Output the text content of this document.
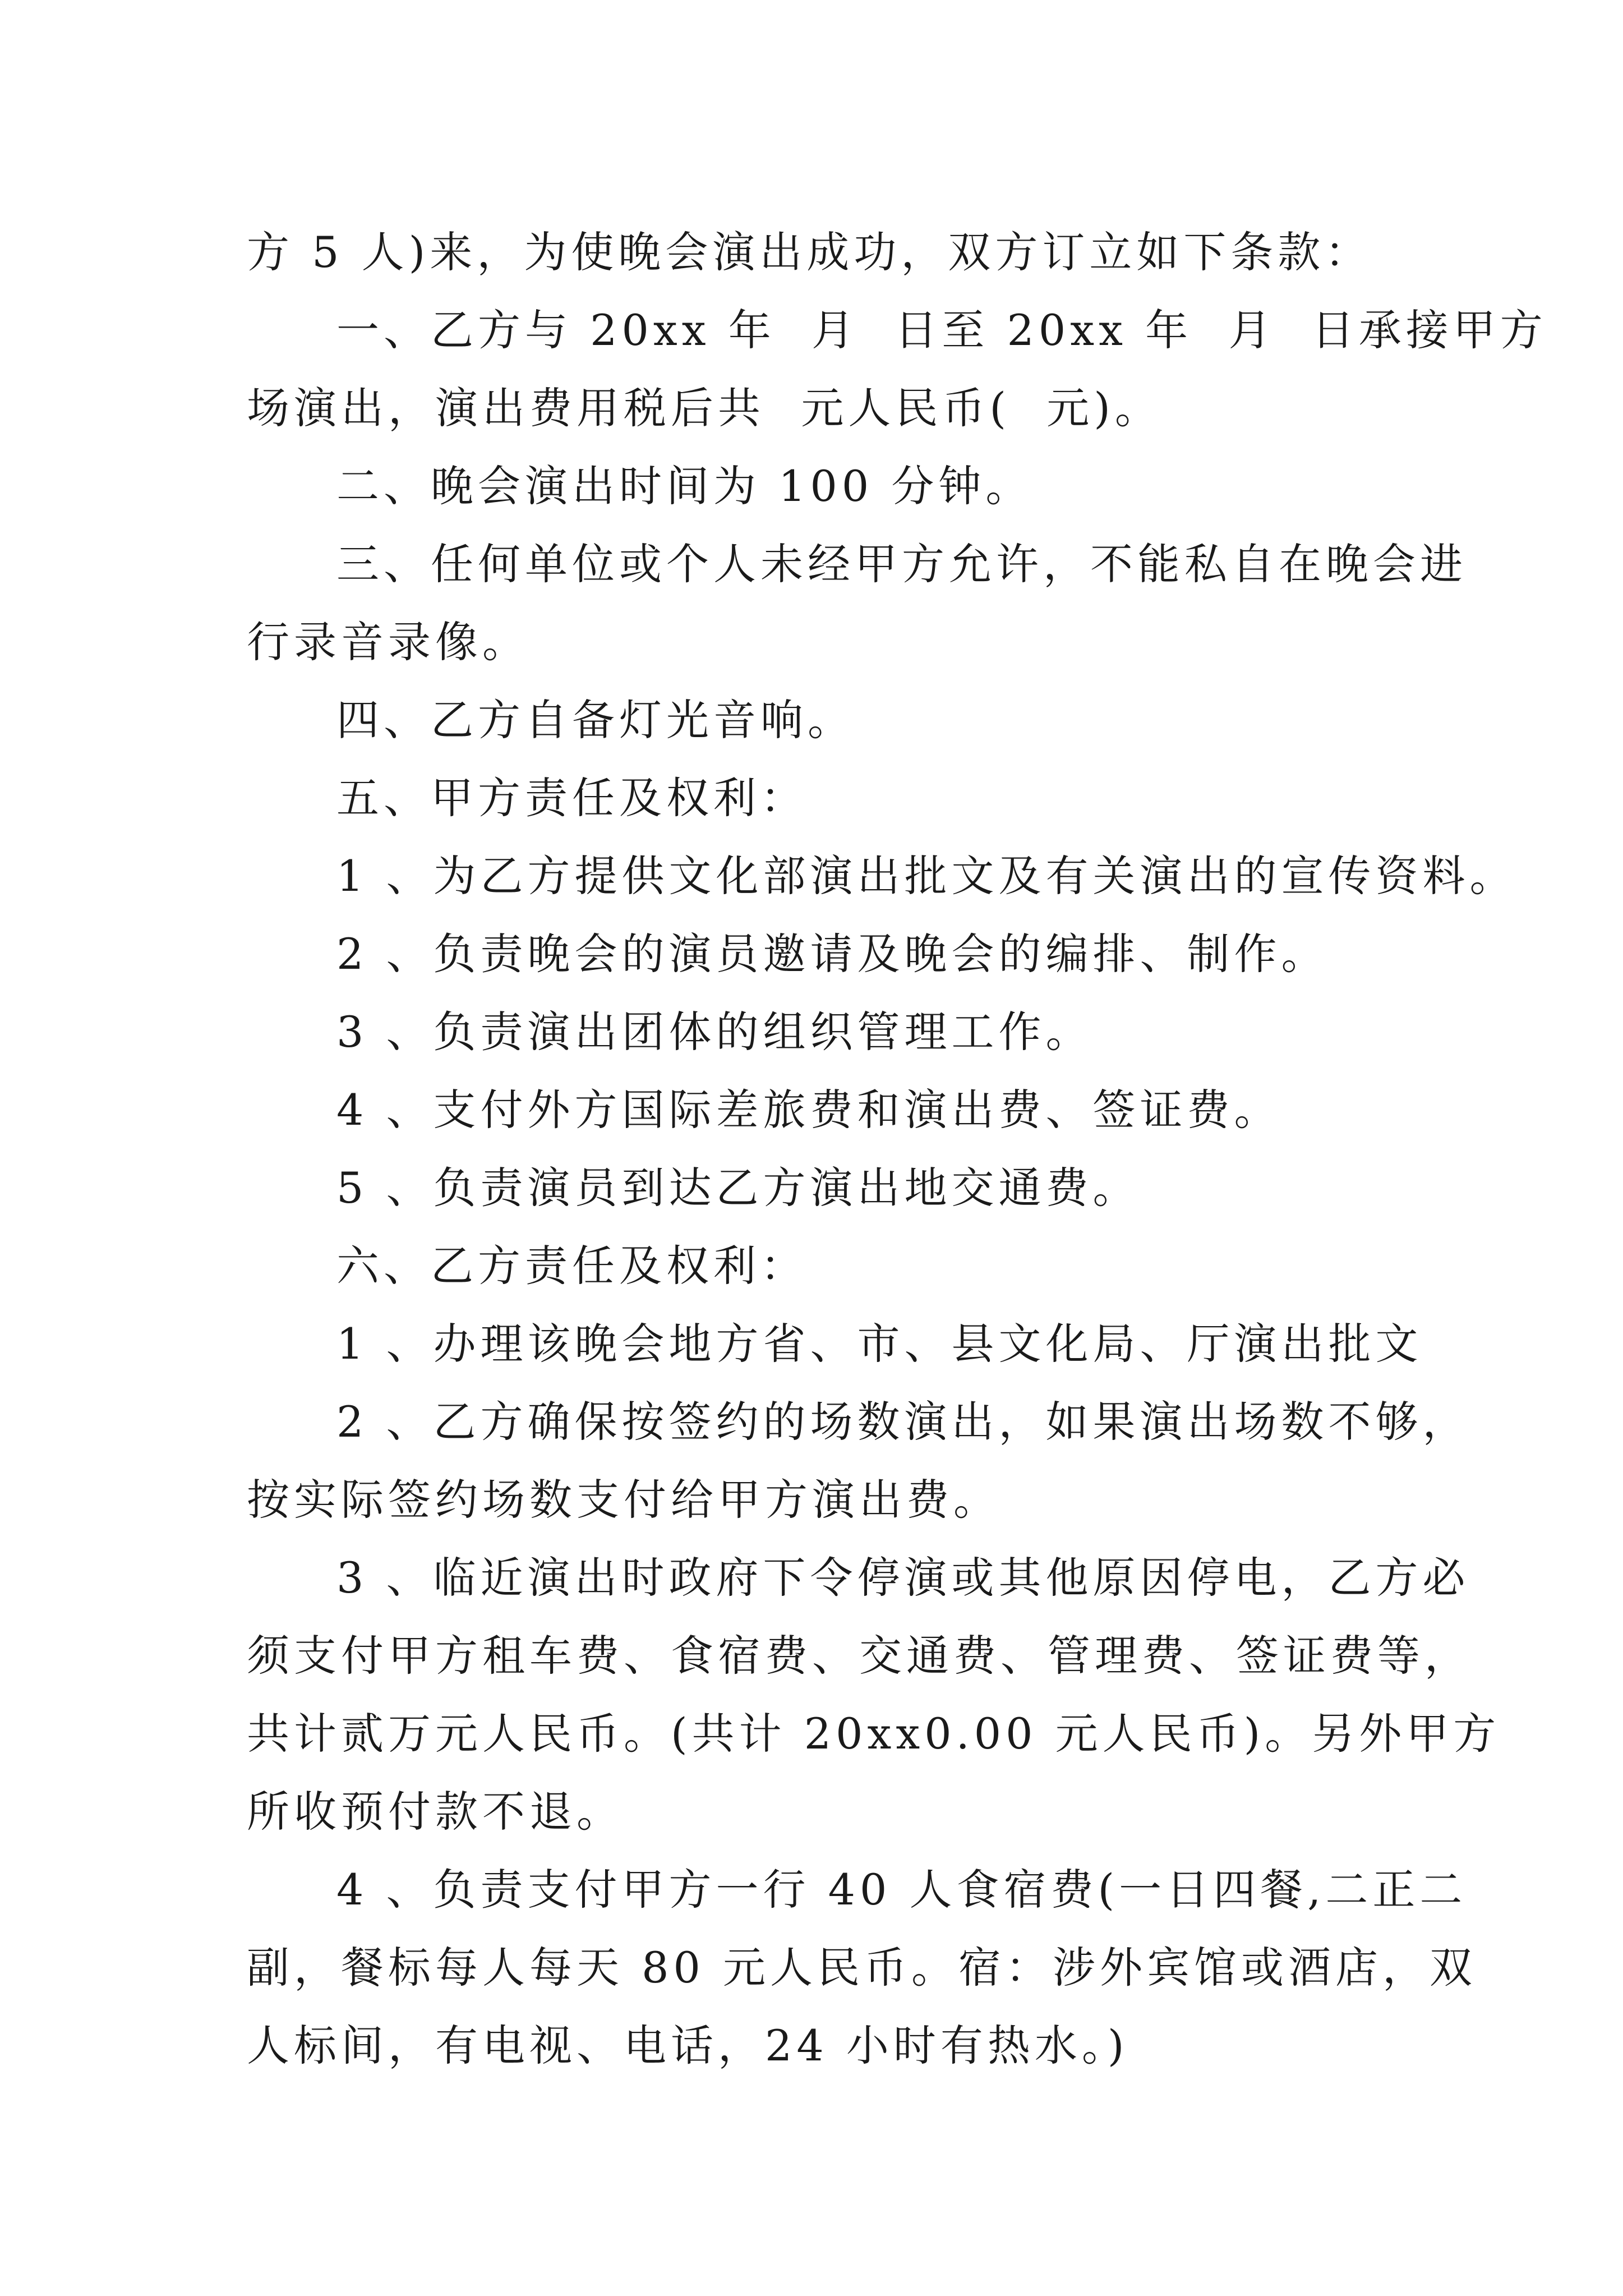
方 5 人)来，为使晚会演出成功，双方订立如下条款：
一、乙方与 20xx 年  月  日至 20xx 年  月  日承接甲方
场演出，演出费用税后共  元人民币(  元)。
二、晚会演出时间为 100 分钟。
三、任何单位或个人未经甲方允许，不能私自在晚会进
行录音录像。
四、乙方自备灯光音响。
五、甲方责任及权利：
1 、为乙方提供文化部演出批文及有关演出的宣传资料。
2 、负责晚会的演员邀请及晚会的编排、制作。
3 、负责演出团体的组织管理工作。
4 、支付外方国际差旅费和演出费、签证费。
5 、负责演员到达乙方演出地交通费。
六、乙方责任及权利：
1 、办理该晚会地方省、市、县文化局、厅演出批文
2 、乙方确保按签约的场数演出，如果演出场数不够，
按实际签约场数支付给甲方演出费。
3 、临近演出时政府下令停演或其他原因停电，乙方必
须支付甲方租车费、食宿费、交通费、管理费、签证费等，
共计贰万元人民币。(共计 20xx0.00 元人民币)。另外甲方
所收预付款不退。
4 、负责支付甲方一行 40 人食宿费(一日四餐,二正二
副，餐标每人每天 80 元人民币。宿：涉外宾馆或酒店，双
人标间，有电视、电话，24 小时有热水。)
